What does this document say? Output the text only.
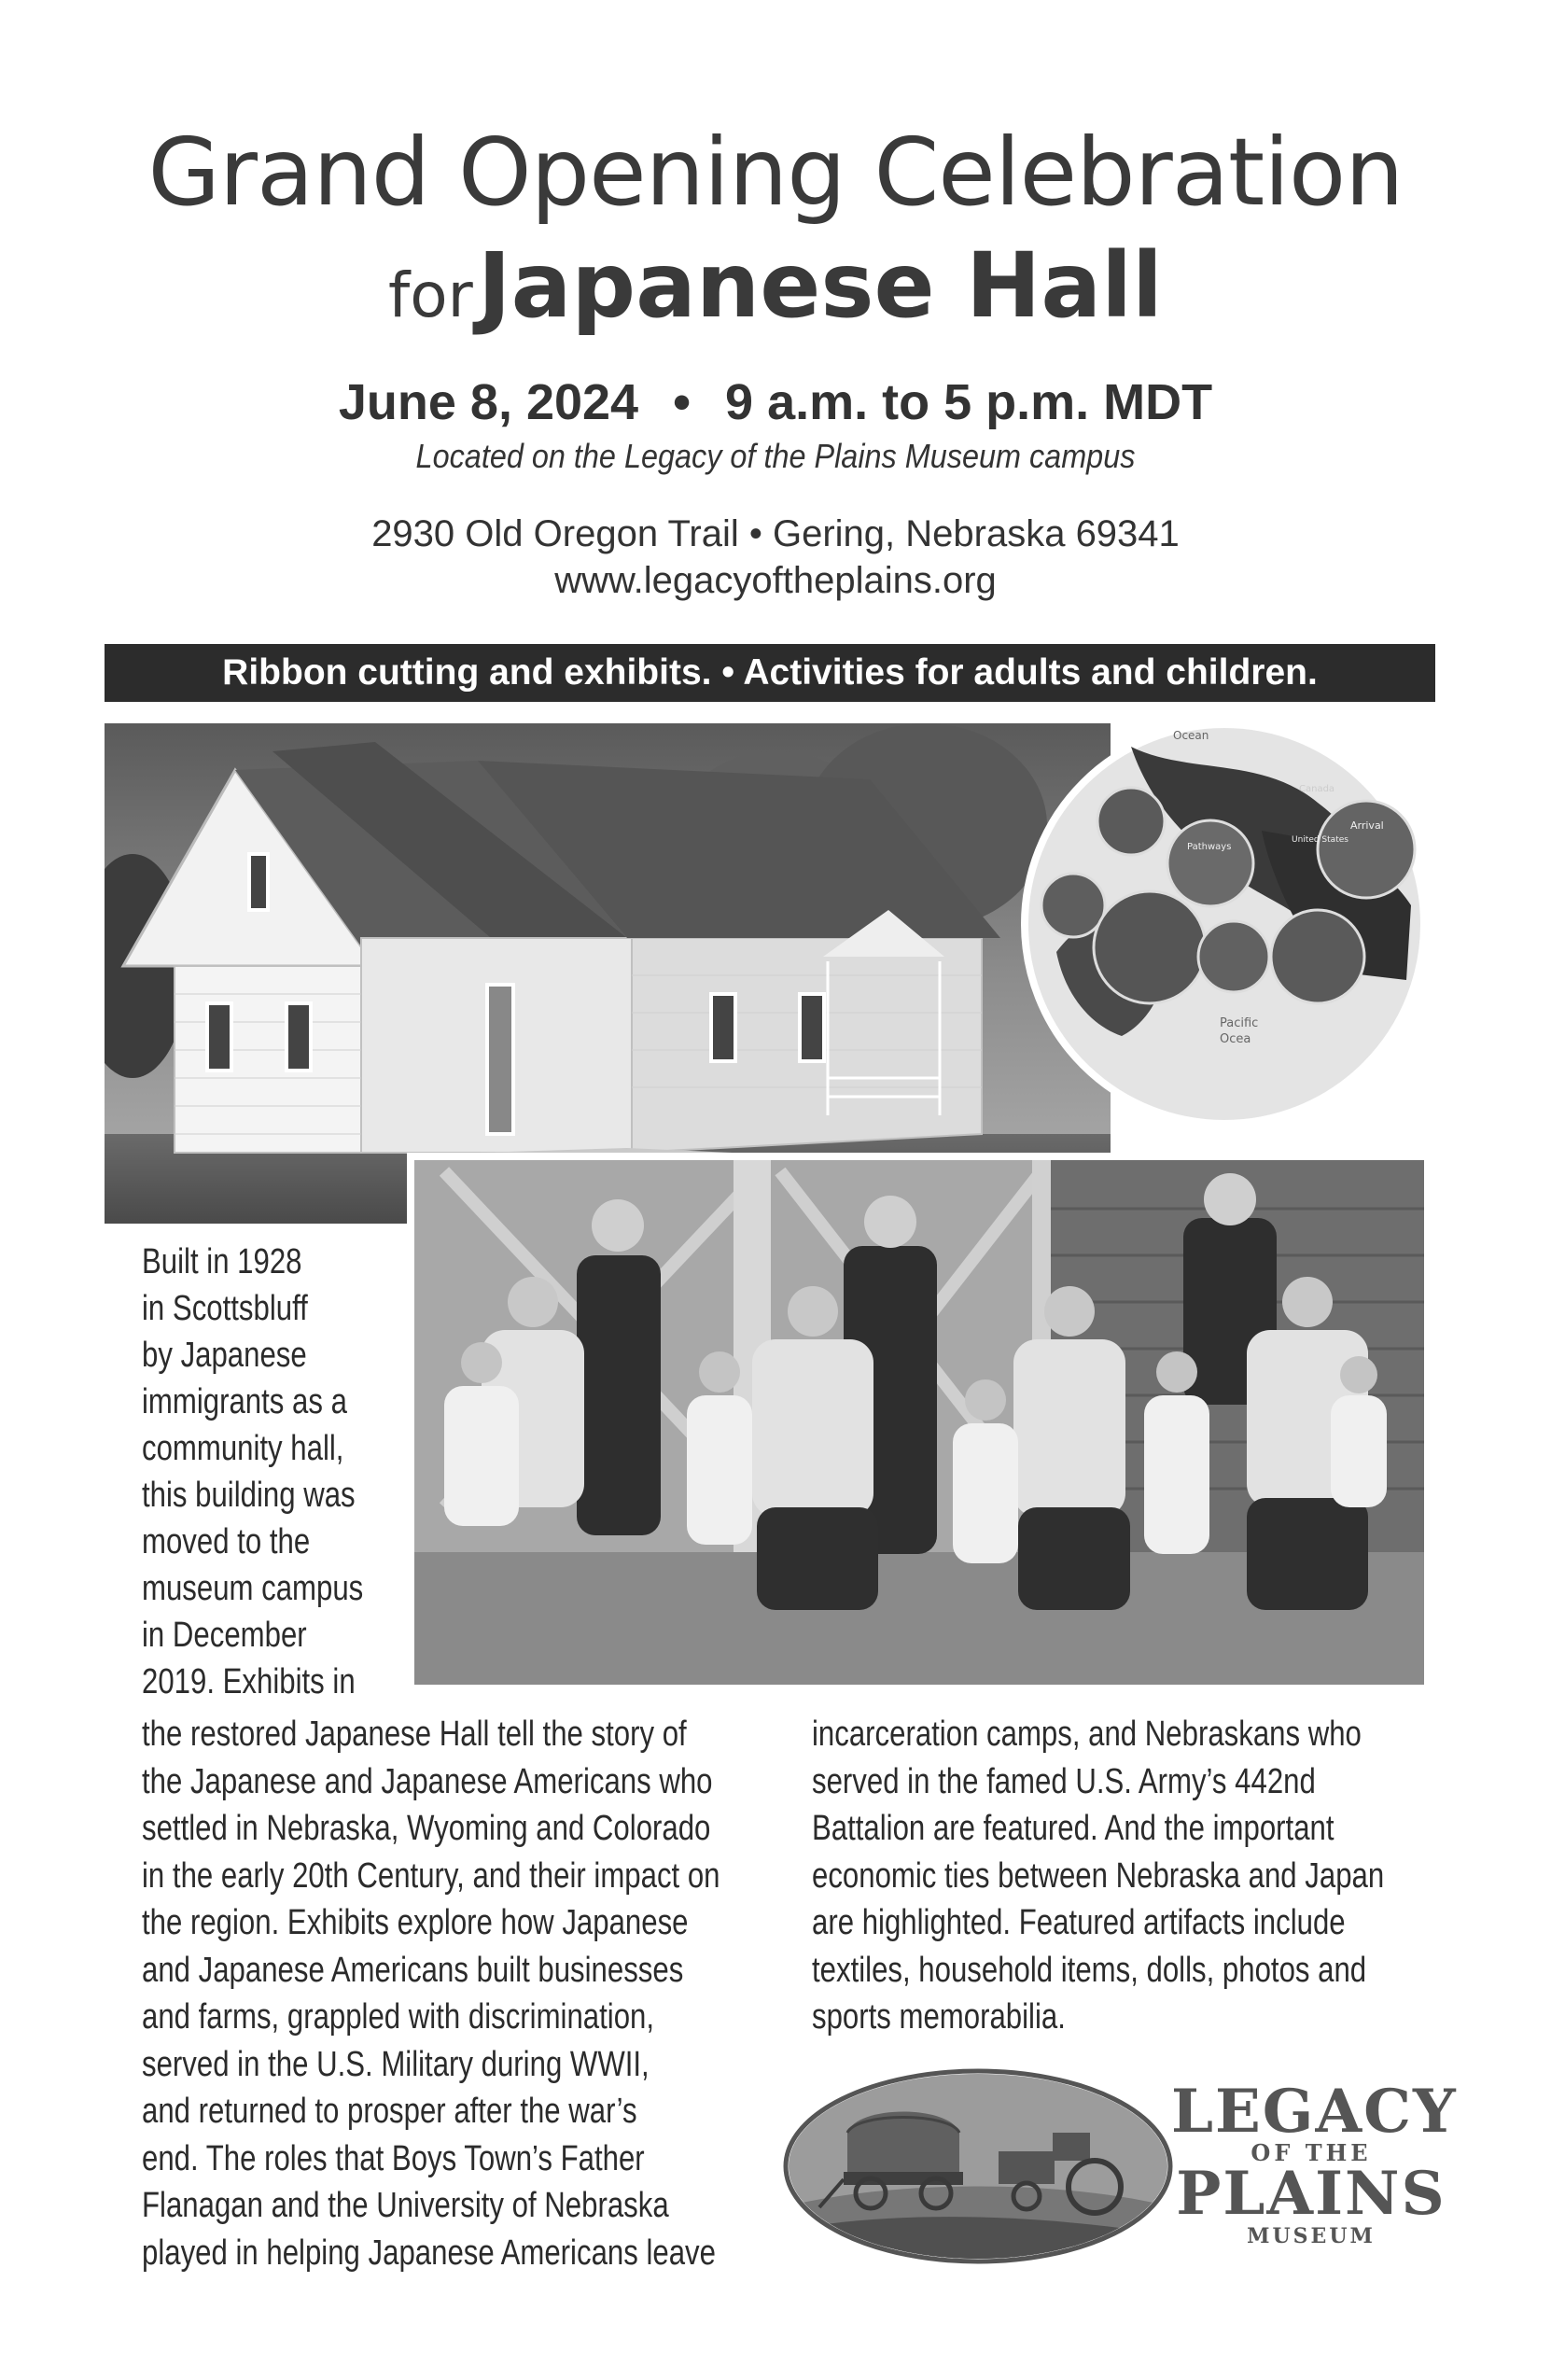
Grand Opening Celebration
for Japanese Hall
June 8, 2024 • 9 a.m. to 5 p.m. MDT
Located on the Legacy of the Plains Museum campus
2930 Old Oregon Trail • Gering, Nebraska 69341
www.legacyoftheplains.org
Ribbon cutting and exhibits. • Activities for adults and children.
Ocean
Canada
Pathways
United States
Arrival
Pacific
Ocea
Built in 1928
in Scottsbluff
by Japanese
immigrants as a
community hall,
this building was
moved to the
museum campus
in December
2019. Exhibits in
the restored Japanese Hall tell the story of
the Japanese and Japanese Americans who
settled in Nebraska, Wyoming and Colorado
in the early 20th Century, and their impact on
the region. Exhibits explore how Japanese
and Japanese Americans built businesses
and farms, grappled with discrimination,
served in the U.S. Military during WWII,
and returned to prosper after the war’s
end. The roles that Boys Town’s Father
Flanagan and the University of Nebraska
played in helping Japanese Americans leave
incarceration camps, and Nebraskans who
served in the famed U.S. Army’s 442nd
Battalion are featured. And the important
economic ties between Nebraska and Japan
are highlighted. Featured artifacts include
textiles, household items, dolls, photos and
sports memorabilia.
LEGACY
OF THE
PLAINS
MUSEUM
